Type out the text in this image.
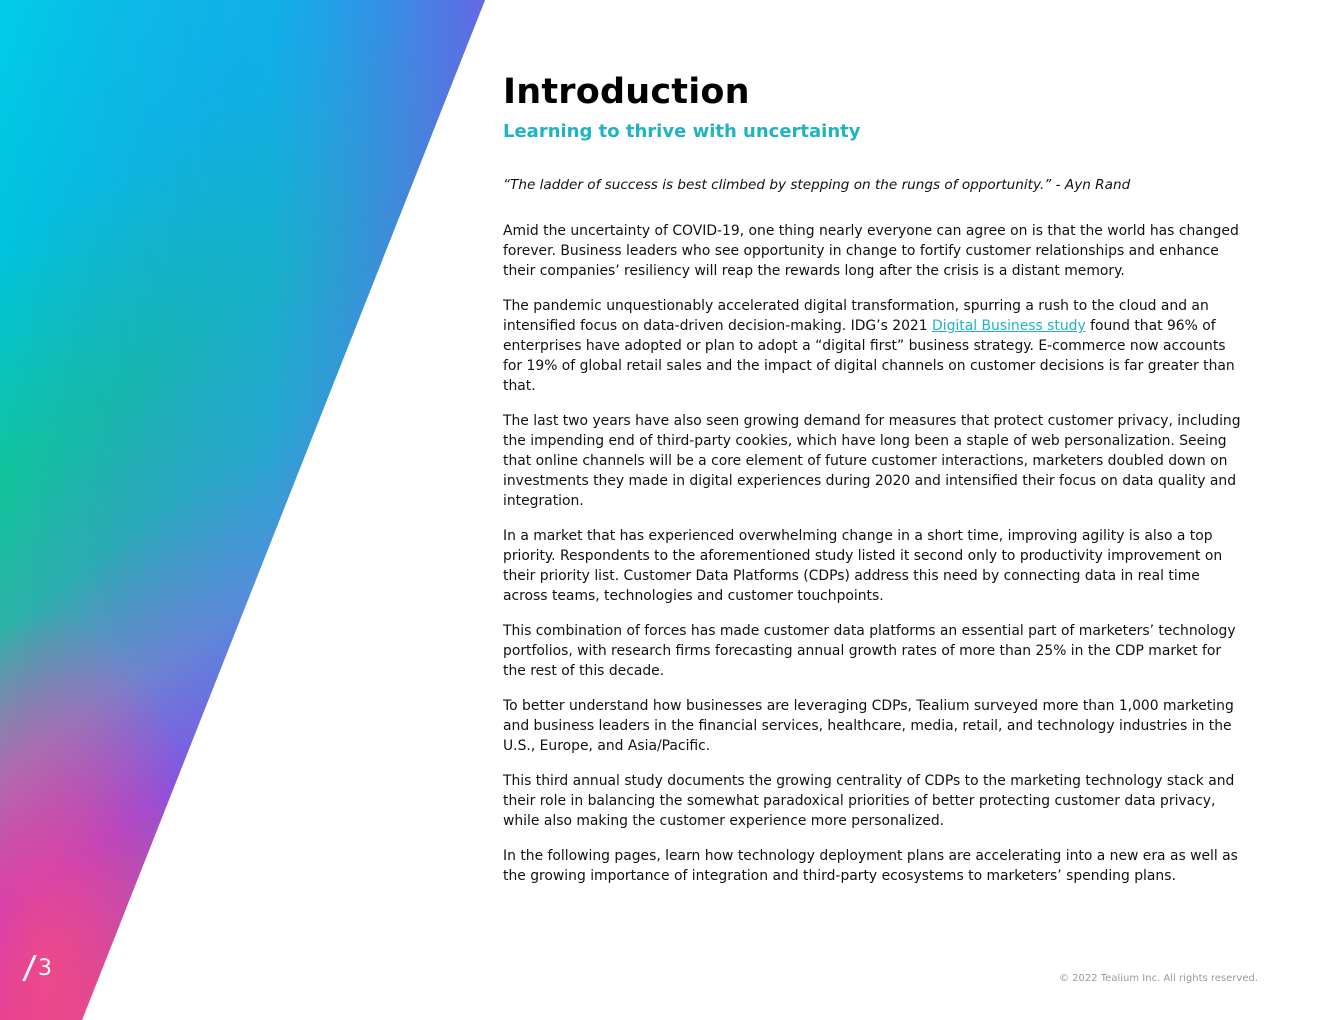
3
Introduction
Learning to thrive with uncertainty
“The ladder of success is best climbed by stepping on the rungs of opportunity.” - Ayn Rand

Amid the uncertainty of COVID-19, one thing nearly everyone can agree on is that the world has changed forever. Business leaders who see opportunity in change to fortify customer relationships and enhance their companies’ resiliency will reap the rewards long after the crisis is a distant memory.

The pandemic unquestionably accelerated digital transformation, spurring a rush to the cloud and an intensified focus on data-driven decision-making. IDG’s 2021 Digital Business study found that 96% of enterprises have adopted or plan to adopt a “digital first” business strategy. E-commerce now accounts for 19% of global retail sales and the impact of digital channels on customer decisions is far greater than that.

The last two years have also seen growing demand for measures that protect customer privacy, including the impending end of third-party cookies, which have long been a staple of web personalization. Seeing that online channels will be a core element of future customer interactions, marketers doubled down on investments they made in digital experiences during 2020 and intensified their focus on data quality and integration.

In a market that has experienced overwhelming change in a short time, improving agility is also a top priority. Respondents to the aforementioned study listed it second only to productivity improvement on their priority list. Customer Data Platforms (CDPs) address this need by connecting data in real time across teams, technologies and customer touchpoints.

This combination of forces has made customer data platforms an essential part of marketers’ technology portfolios, with research firms forecasting annual growth rates of more than 25% in the CDP market for the rest of this decade.

To better understand how businesses are leveraging CDPs, Tealium surveyed more than 1,000 marketing and business leaders in the financial services, healthcare, media, retail, and technology industries in the U.S., Europe, and Asia/Pacific.

This third annual study documents the growing centrality of CDPs to the marketing technology stack and their role in balancing the somewhat paradoxical priorities of better protecting customer data privacy, while also making the customer experience more personalized.

In the following pages, learn how technology deployment plans are accelerating into a new era as well as the growing importance of integration and third-party ecosystems to marketers’ spending plans.

© 2022 Tealium Inc. All rights reserved.
